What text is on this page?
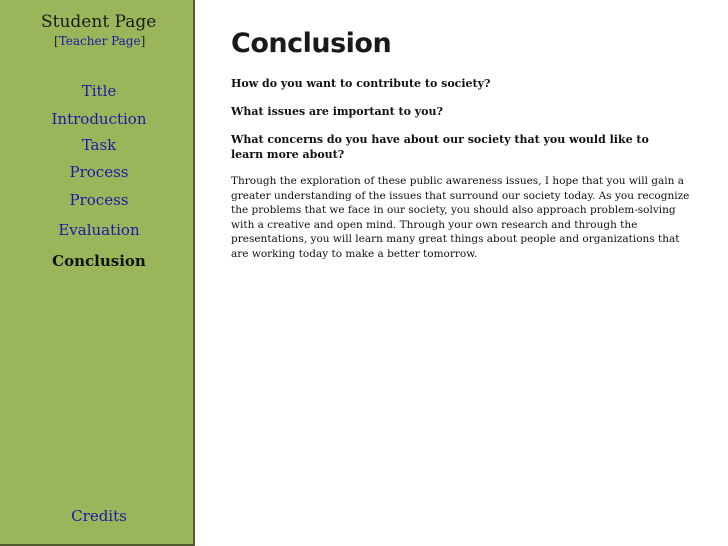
Student Page
[Teacher Page]
Title
Introduction
Task
Process
Process
Evaluation
Conclusion
Credits
Conclusion
How do you want to contribute to society?
What issues are important to you?
What concerns do you have about our society that you would like to learn more about?

Through the exploration of these public awareness issues, I hope that you will gain a greater understanding of the issues that surround our society today. As you recognize the problems that we face in our society, you should also approach problem-solving with a creative and open mind. Through your own research and through the presentations, you will learn many great things about people and organizations that are working today to make a better tomorrow.
